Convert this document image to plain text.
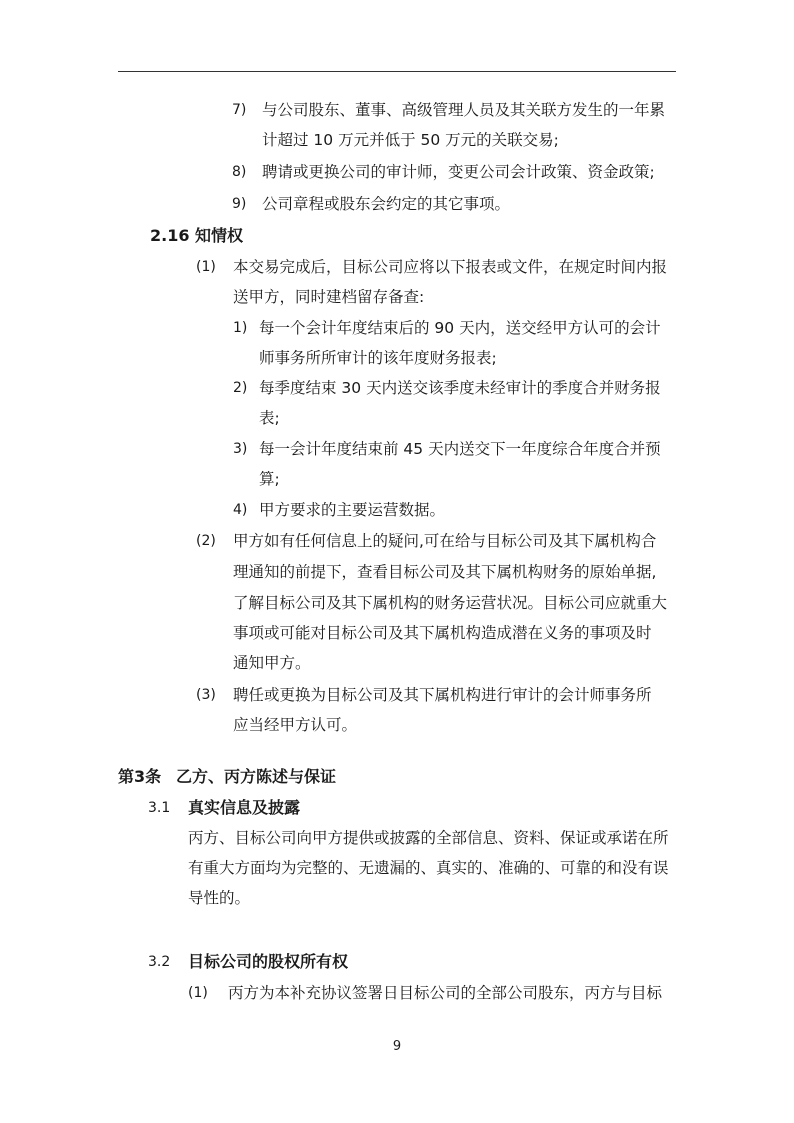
7) 与公司股东、董事、高级管理人员及其关联方发生的一年累
计超过 10 万元并低于 50 万元的关联交易;
8) 聘请或更换公司的审计师，变更公司会计政策、资金政策;
9) 公司章程或股东会约定的其它事项。
2.16 知情权
(1) 本交易完成后，目标公司应将以下报表或文件，在规定时间内报
送甲方，同时建档留存备查:
1) 每一个会计年度结束后的 90 天内，送交经甲方认可的会计
师事务所所审计的该年度财务报表;
2) 每季度结束 30 天内送交该季度未经审计的季度合并财务报
表;
3) 每一会计年度结束前 45 天内送交下一年度综合年度合并预
算;
4) 甲方要求的主要运营数据。
(2) 甲方如有任何信息上的疑问,可在给与目标公司及其下属机构合
理通知的前提下，查看目标公司及其下属机构财务的原始单据,
了解目标公司及其下属机构的财务运营状况。目标公司应就重大
事项或可能对目标公司及其下属机构造成潜在义务的事项及时
通知甲方。
(3) 聘任或更换为目标公司及其下属机构进行审计的会计师事务所
应当经甲方认可。
第3条 乙方、丙方陈述与保证
3.1 真实信息及披露
丙方、目标公司向甲方提供或披露的全部信息、资料、保证或承诺在所
有重大方面均为完整的、无遗漏的、真实的、准确的、可靠的和没有误
导性的。
3.2 目标公司的股权所有权
(1) 丙方为本补充协议签署日目标公司的全部公司股东，丙方与目标
9
